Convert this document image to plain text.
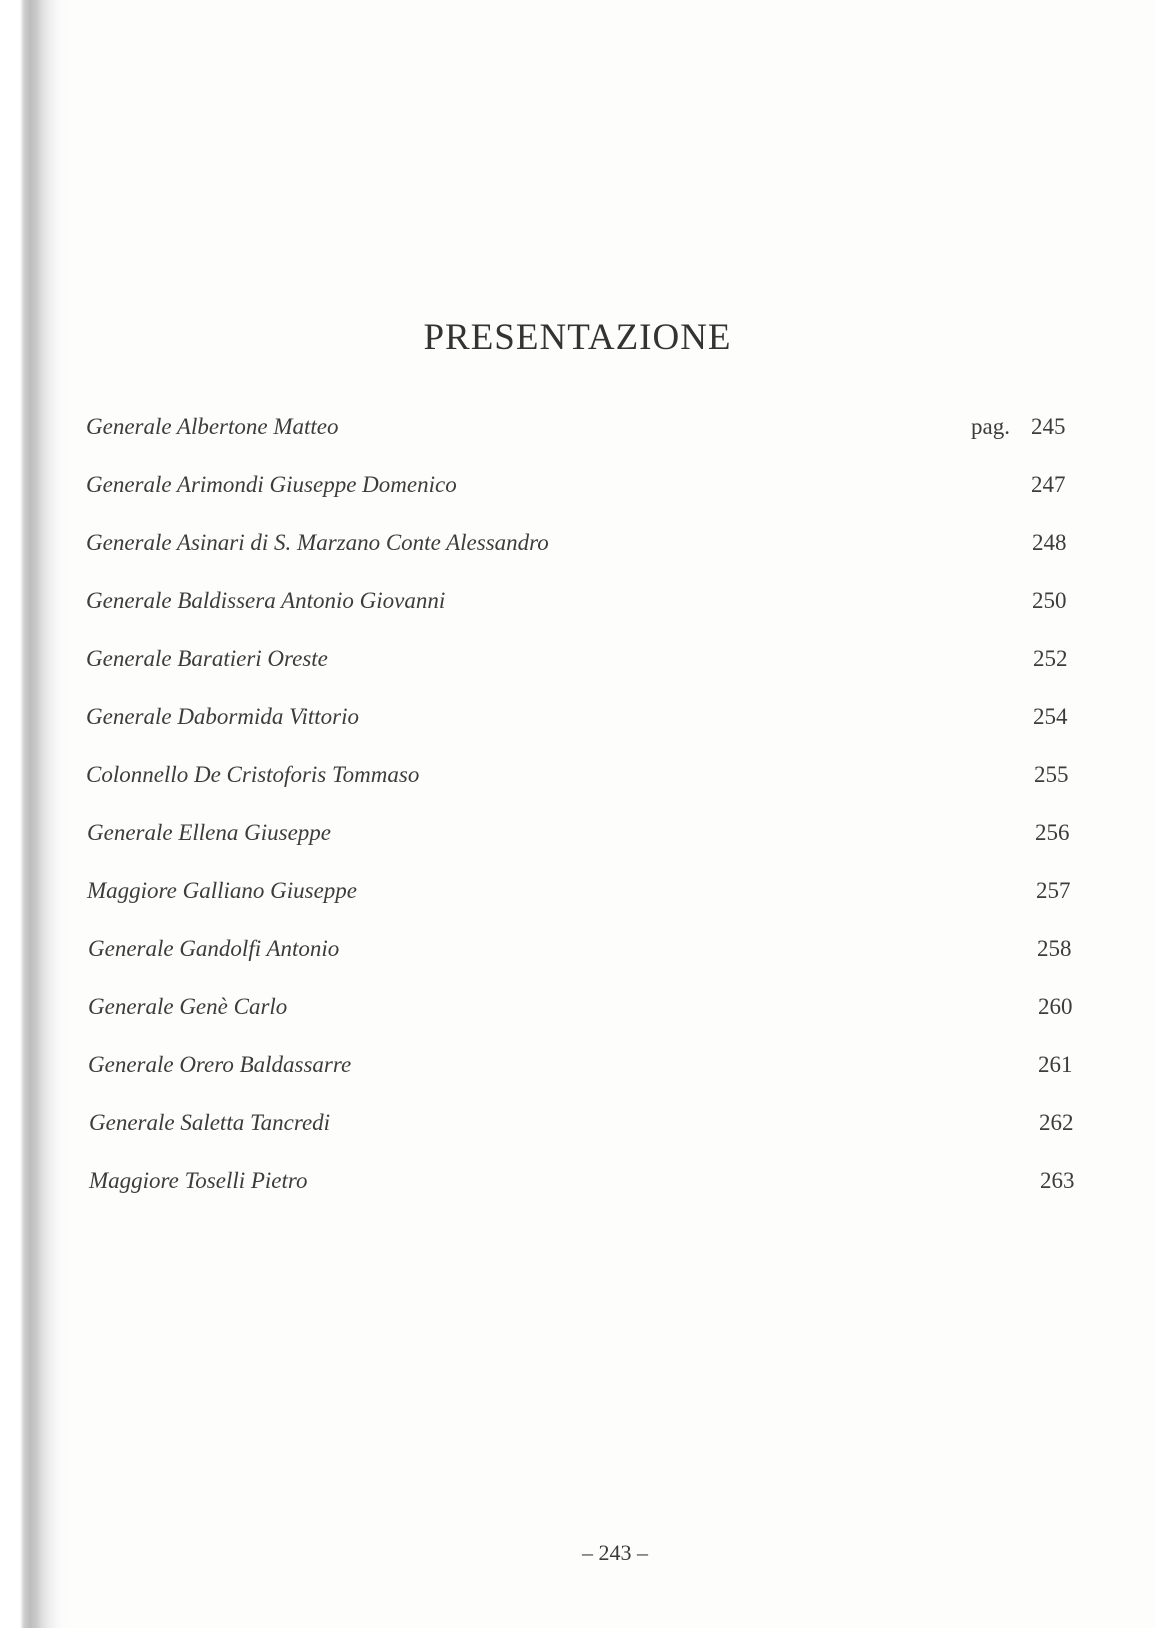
PRESENTAZIONE
Generale Albertone Matteo	pag. 245
Generale Arimondi Giuseppe Domenico	247
Generale Asinari di S. Marzano Conte Alessandro	248
Generale Baldissera Antonio Giovanni	250
Generale Baratieri Oreste	252
Generale Dabormida Vittorio	254
Colonnello De Cristoforis Tommaso	255
Generale Ellena Giuseppe	256
Maggiore Galliano Giuseppe	257
Generale Gandolfi Antonio	258
Generale Genè Carlo	260
Generale Orero Baldassarre	261
Generale Saletta Tancredi	262
Maggiore Toselli Pietro	263

– 243 –
